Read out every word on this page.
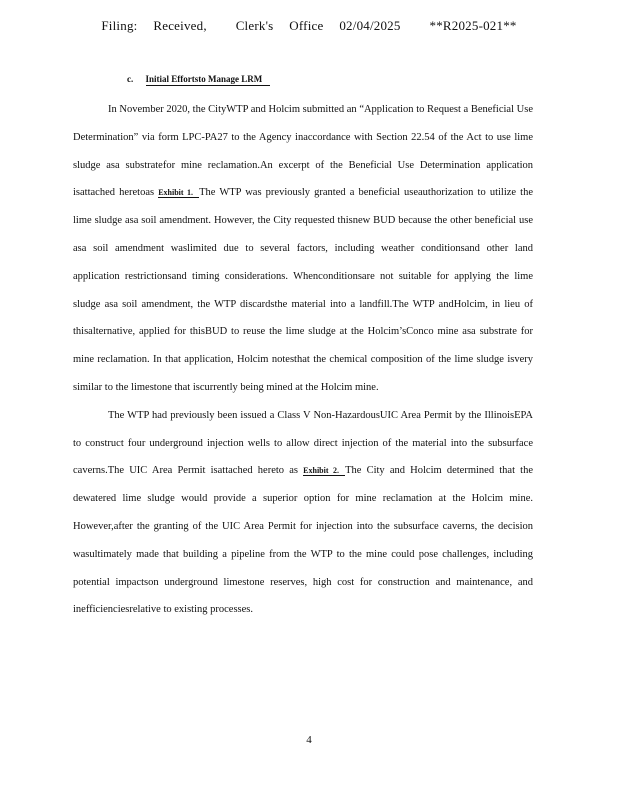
Filing: Received, Clerk's Office 02/04/2025 **R2025-021**
c. Initial Effortsto Manage LRM

In November 2020, the CityWTP and Holcim submitted an “Application to Request a Beneficial Use Determination” via form LPC-PA27 to the Agency inaccordance with Section 22.54 of the Act to use lime sludge asa substratefor mine reclamation.An excerpt of the Beneficial Use Determination application isattached heretoas Exhibit 1. The WTP was previously granted a beneficial useauthorization to utilize the lime sludge asa soil amendment. However, the City requested thisnew BUD because the other beneficial use asa soil amendment waslimited due to several factors, including weather conditionsand other land application restrictionsand timing considerations. Whenconditionsare not suitable for applying the lime sludge asa soil amendment, the WTP discardsthe material into a landfill.The WTP andHolcim, in lieu of thisalternative, applied for thisBUD to reuse the lime sludge at the Holcim’sConco mine asa substrate for mine reclamation. In that application, Holcim notesthat the chemical composition of the lime sludge isvery similar to the limestone that iscurrently being mined at the Holcim mine.

The WTP had previously been issued a Class V Non-HazardousUIC Area Permit by the IllinoisEPA to construct four underground injection wells to allow direct injection of the material into the subsurface caverns.The UIC Area Permit isattached hereto as Exhibit 2. The City and Holcim determined that the dewatered lime sludge would provide a superior option for mine reclamation at the Holcim mine. However,after the granting of the UIC Area Permit for injection into the subsurface caverns, the decision wasultimately made that building a pipeline from the WTP to the mine could pose challenges, including potential impactson underground limestone reserves, high cost for construction and maintenance, and inefficienciesrelative to existing processes.

4
